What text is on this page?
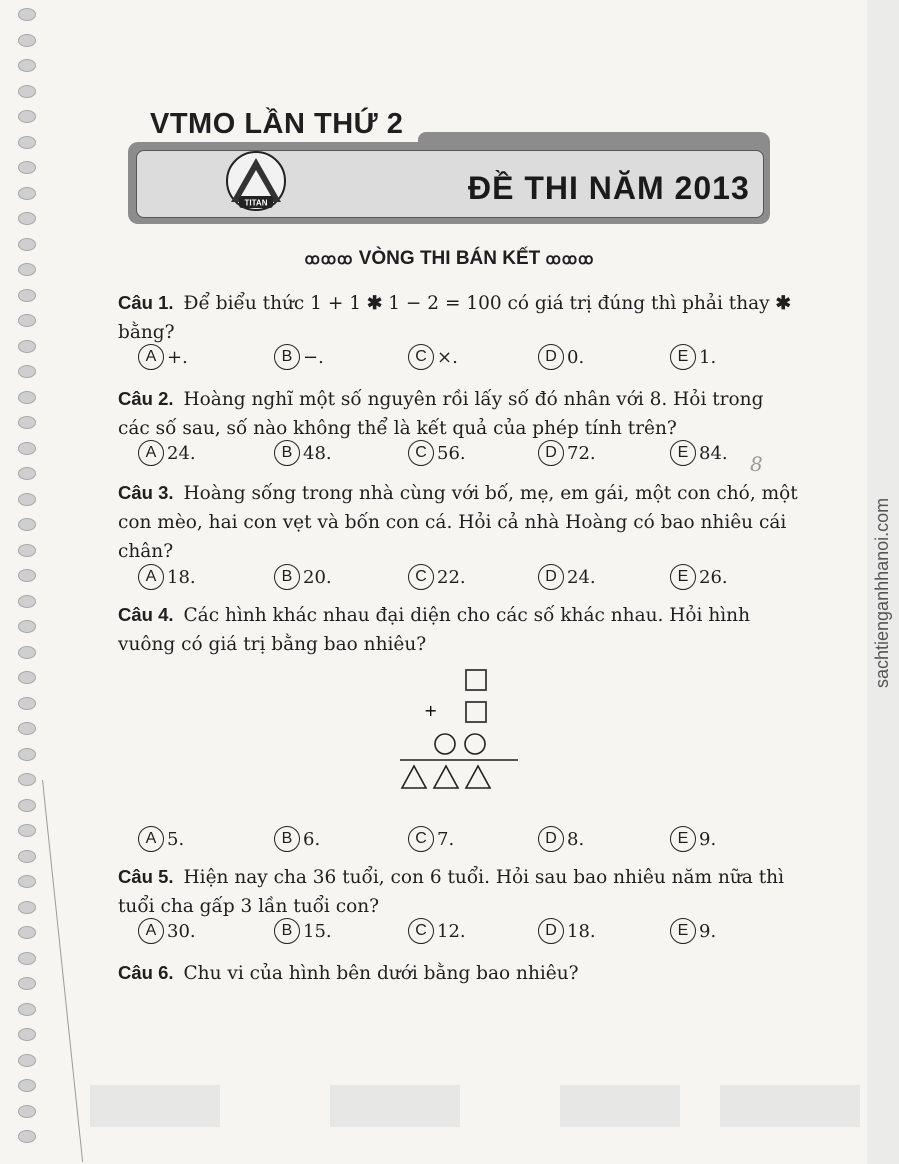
VTMO LẦN THỨ 2
TITAN	ĐỀ THI NĂM 2013
ꝏꝏꝏ VÒNG THI BÁN KẾT ꝏꝏꝏ
Câu 1. Để biểu thức 1 + 1 ✱ 1 − 2 = 100 có giá trị đúng thì phải thay ✱ bằng?
A +.	B −.	C ×.	D 0.	E 1.
Câu 2. Hoàng nghĩ một số nguyên rồi lấy số đó nhân với 8. Hỏi trong các số sau, số nào không thể là kết quả của phép tính trên?
A 24.	B 48.	C 56.	D 72.	E 84. 8
Câu 3. Hoàng sống trong nhà cùng với bố, mẹ, em gái, một con chó, một con mèo, hai con vẹt và bốn con cá. Hỏi cả nhà Hoàng có bao nhiêu cái chân?
A 18.	B 20.	C 22.	D 24.	E 26.
Câu 4. Các hình khác nhau đại diện cho các số khác nhau. Hỏi hình vuông có giá trị bằng bao nhiêu?
+
A 5.	B 6.	C 7.	D 8.	E 9.
Câu 5. Hiện nay cha 36 tuổi, con 6 tuổi. Hỏi sau bao nhiêu năm nữa thì tuổi cha gấp 3 lần tuổi con?
A 30.	B 15.	C 12.	D 18.	E 9.
Câu 6. Chu vi của hình bên dưới bằng bao nhiêu?
sachtienganhhanoi.com
